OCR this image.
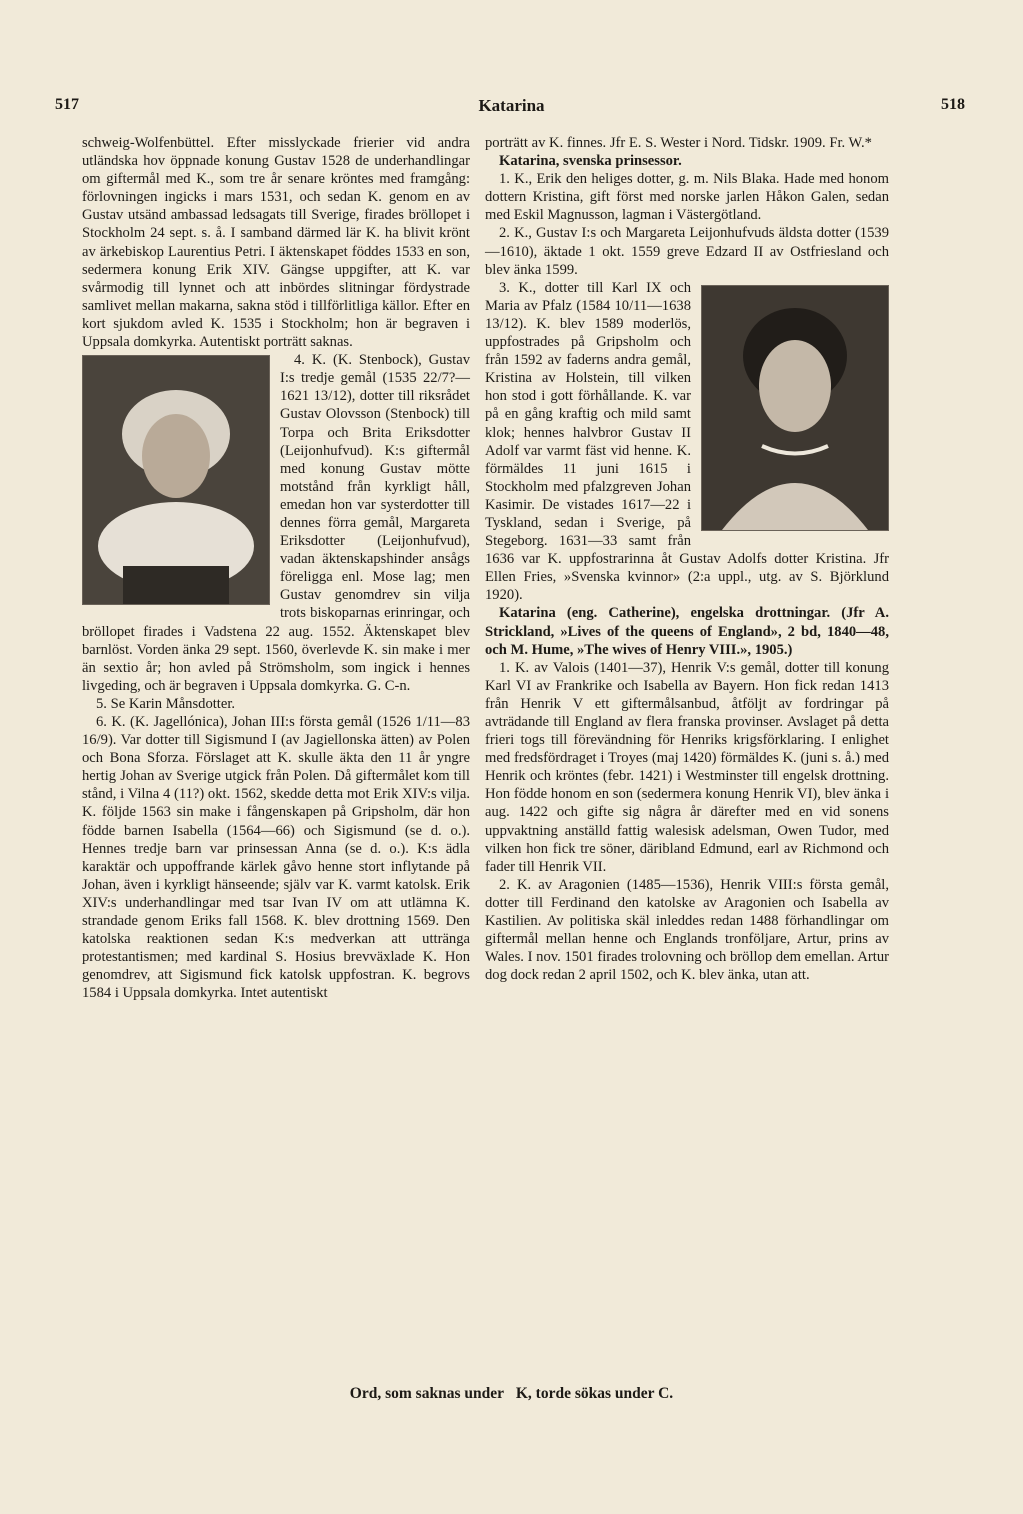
517	Katarina	518

schweig-Wolfenbüttel. Efter misslyckade frierier vid andra utländska hov öppnade konung Gustav 1528 de underhandlingar om giftermål med K., som tre år senare kröntes med framgång: förlovningen ingicks i mars 1531, och sedan K. genom en av Gustav utsänd ambassad ledsagats till Sverige, firades bröllopet i Stockholm 24 sept. s. å. I samband därmed lär K. ha blivit krönt av ärkebiskop Laurentius Petri. I äktenskapet föddes 1533 en son, sedermera konung Erik XIV. Gängse uppgifter, att K. var svårmodig till lynnet och att inbördes slitningar fördystrade samlivet mellan makarna, sakna stöd i tillförlitliga källor. Efter en kort sjukdom avled K. 1535 i Stockholm; hon är begraven i Uppsala domkyrka. Autentiskt porträtt saknas.

4. K. (K. Stenbock), Gustav I:s tredje gemål (1535 22/7?—1621 13/12), dotter till riksrådet Gustav Olovsson (Stenbock) till Torpa och Brita Eriksdotter (Leijonhufvud). K:s giftermål med konung Gustav mötte motstånd från kyrkligt håll, emedan hon var systerdotter till dennes förra gemål, Margareta Eriksdotter (Leijonhufvud), vadan äktenskapshinder ansågs föreligga enl. Mose lag; men Gustav genomdrev sin vilja trots biskoparnas erinringar, och bröllopet firades i Vadstena 22 aug. 1552. Äktenskapet blev barnlöst. Vorden änka 29 sept. 1560, överlevde K. sin make i mer än sextio år; hon avled på Strömsholm, som ingick i hennes livgeding, och är begraven i Uppsala domkyrka. G. C-n.

5. Se Karin Månsdotter.

6. K. (K. Jagellónica), Johan III:s första gemål (1526 1/11—83 16/9). Var dotter till Sigismund I (av Jagiellonska ätten) av Polen och Bona Sforza. Förslaget att K. skulle äkta den 11 år yngre hertig Johan av Sverige utgick från Polen. Då giftermålet kom till stånd, i Vilna 4 (11?) okt. 1562, skedde detta mot Erik XIV:s vilja. K. följde 1563 sin make i fångenskapen på Gripsholm, där hon födde barnen Isabella (1564—66) och Sigismund (se d. o.). Hennes tredje barn var prinsessan Anna (se d. o.). K:s ädla karaktär och uppoffrande kärlek gåvo henne stort inflytande på Johan, även i kyrkligt hänseende; själv var K. varmt katolsk. Erik XIV:s underhandlingar med tsar Ivan IV om att utlämna K. strandade genom Eriks fall 1568. K. blev drottning 1569. Den katolska reaktionen sedan K:s medverkan att uttränga protestantismen; med kardinal S. Hosius brevväxlade K. Hon genomdrev, att Sigismund fick katolsk uppfostran. K. begrovs 1584 i Uppsala domkyrka. Intet autentiskt

porträtt av K. finnes. Jfr E. S. Wester i Nord. Tidskr. 1909. Fr. W.*

Katarina, svenska prinsessor.

1. K., Erik den heliges dotter, g. m. Nils Blaka. Hade med honom dottern Kristina, gift först med norske jarlen Håkon Galen, sedan med Eskil Magnusson, lagman i Västergötland.

2. K., Gustav I:s och Margareta Leijonhufvuds äldsta dotter (1539—1610), äktade 1 okt. 1559 greve Edzard II av Ostfriesland och blev änka 1599.

3. K., dotter till Karl IX och Maria av Pfalz (1584 10/11—1638 13/12). K. blev 1589 moderlös, uppfostrades på Gripsholm och från 1592 av faderns andra gemål, Kristina av Holstein, till vilken hon stod i gott förhållande. K. var på en gång kraftig och mild samt klok; hennes halvbror Gustav II Adolf var varmt fäst vid henne. K. förmäldes 11 juni 1615 i Stockholm med pfalzgreven Johan Kasimir. De vistades 1617—22 i Tyskland, sedan i Sverige, på Stegeborg. 1631—33 samt från 1636 var K. uppfostrarinna åt Gustav Adolfs dotter Kristina. Jfr Ellen Fries, »Svenska kvinnor» (2:a uppl., utg. av S. Björklund 1920).

Katarina (eng. Catherine), engelska drottningar. (Jfr A. Strickland, »Lives of the queens of England», 2 bd, 1840—48, och M. Hume, »The wives of Henry VIII.», 1905.)

1. K. av Valois (1401—37), Henrik V:s gemål, dotter till konung Karl VI av Frankrike och Isabella av Bayern. Hon fick redan 1413 från Henrik V ett giftermålsanbud, åtföljt av fordringar på avträdande till England av flera franska provinser. Avslaget på detta frieri togs till förevändning för Henriks krigsförklaring. I enlighet med fredsfördraget i Troyes (maj 1420) förmäldes K. (juni s. å.) med Henrik och kröntes (febr. 1421) i Westminster till engelsk drottning. Hon födde honom en son (sedermera konung Henrik VI), blev änka i aug. 1422 och gifte sig några år därefter med en vid sonens uppvaktning anställd fattig walesisk adelsman, Owen Tudor, med vilken hon fick tre söner, däribland Edmund, earl av Richmond och fader till Henrik VII.

2. K. av Aragonien (1485—1536), Henrik VIII:s första gemål, dotter till Ferdinand den katolske av Aragonien och Isabella av Kastilien. Av politiska skäl inleddes redan 1488 förhandlingar om giftermål mellan henne och Englands tronföljare, Artur, prins av Wales. I nov. 1501 firades trolovning och bröllop dem emellan. Artur dog dock redan 2 april 1502, och K. blev änka, utan att.

Ord, som saknas under K, torde sökas under C.
